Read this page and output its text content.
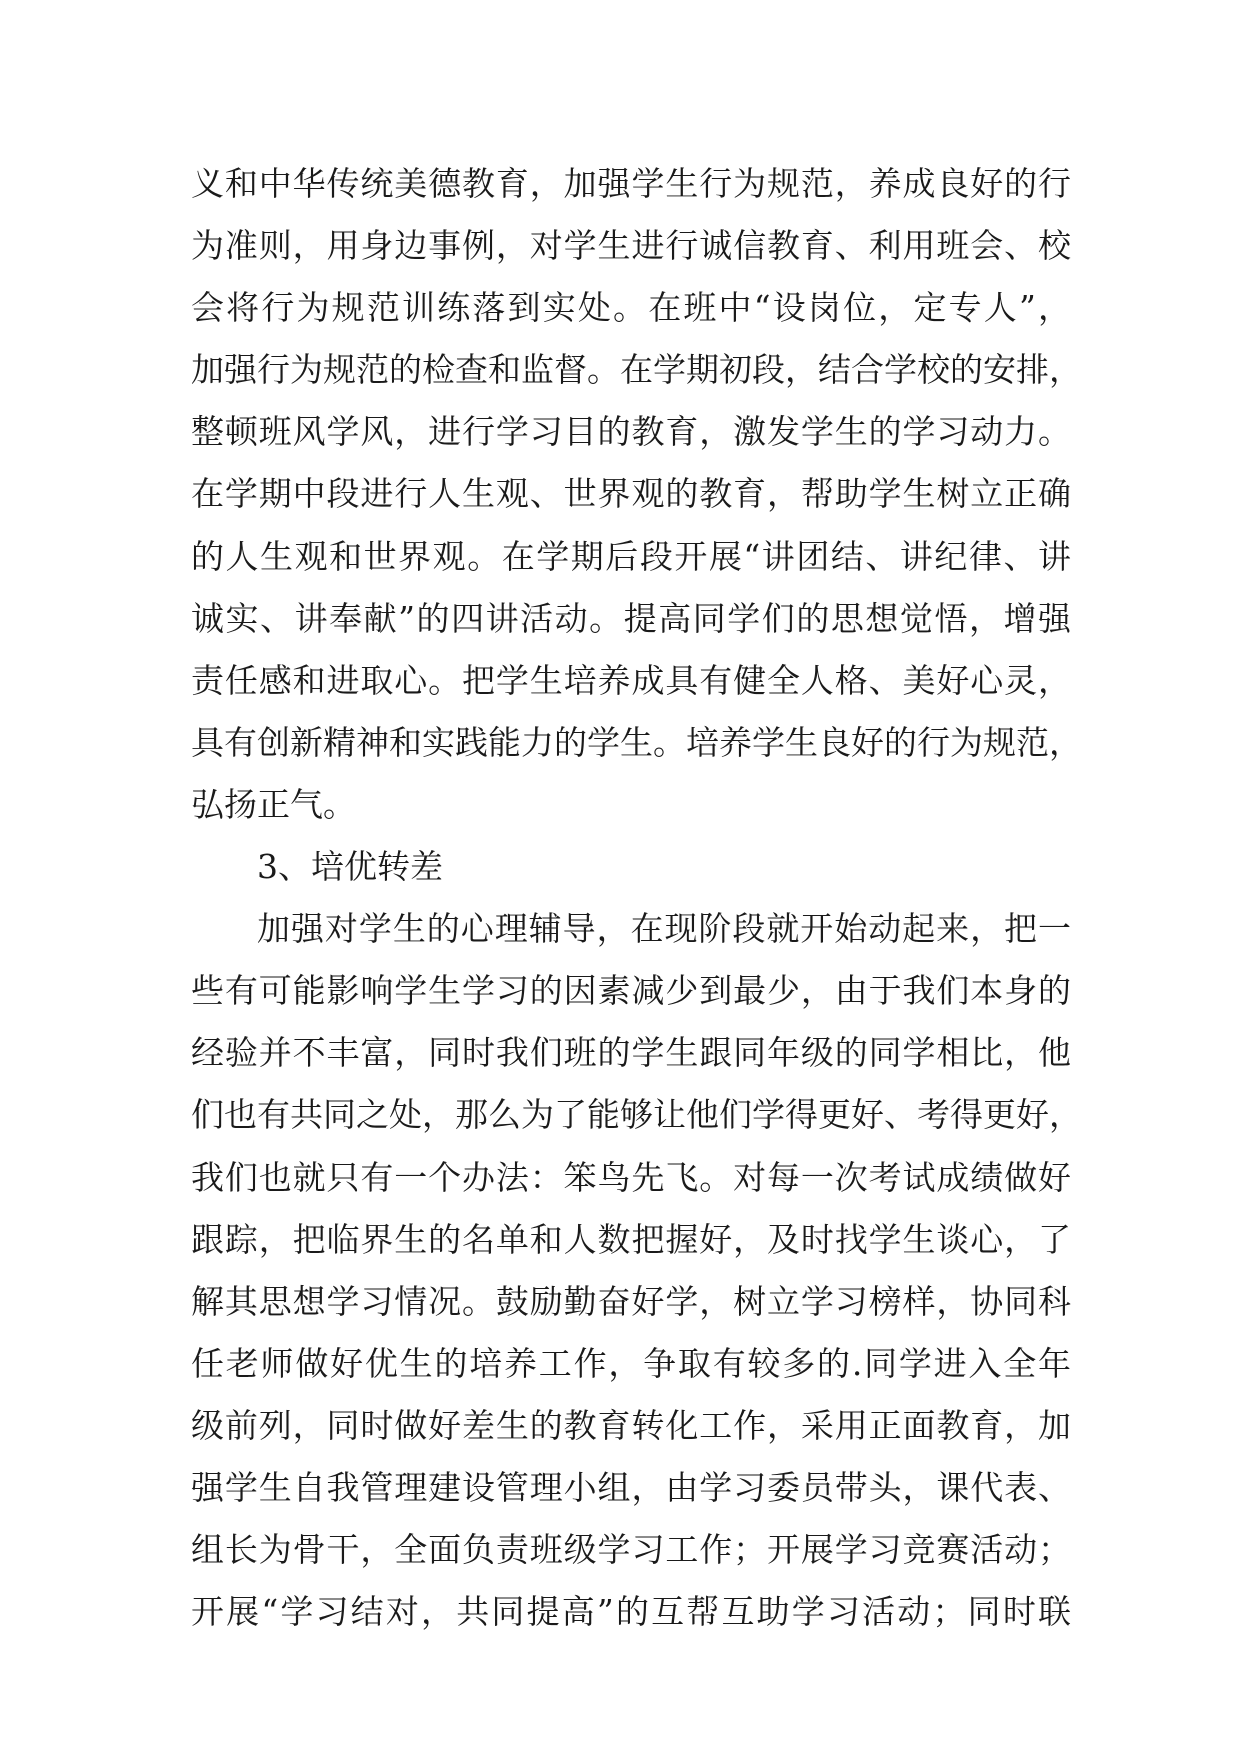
义和中华传统美德教育，加强学生行为规范，养成良好的行
为准则，用身边事例，对学生进行诚信教育、利用班会、校
会将行为规范训练落到实处。在班中“设岗位，定专人”，
加强行为规范的检查和监督。在学期初段，结合学校的安排，
整顿班风学风，进行学习目的教育，激发学生的学习动力。
在学期中段进行人生观、世界观的教育，帮助学生树立正确
的人生观和世界观。在学期后段开展“讲团结、讲纪律、讲
诚实、讲奉献”的四讲活动。提高同学们的思想觉悟，增强
责任感和进取心。把学生培养成具有健全人格、美好心灵，
具有创新精神和实践能力的学生。培养学生良好的行为规范，
弘扬正气。
3、培优转差
加强对学生的心理辅导，在现阶段就开始动起来，把一
些有可能影响学生学习的因素减少到最少，由于我们本身的
经验并不丰富，同时我们班的学生跟同年级的同学相比，他
们也有共同之处，那么为了能够让他们学得更好、考得更好，
我们也就只有一个办法：笨鸟先飞。对每一次考试成绩做好
跟踪，把临界生的名单和人数把握好，及时找学生谈心，了
解其思想学习情况。鼓励勤奋好学，树立学习榜样，协同科
任老师做好优生的培养工作，争取有较多的.同学进入全年
级前列，同时做好差生的教育转化工作，采用正面教育，加
强学生自我管理建设管理小组，由学习委员带头，课代表、
组长为骨干，全面负责班级学习工作；开展学习竞赛活动；
开展“学习结对，共同提高”的互帮互助学习活动；同时联
